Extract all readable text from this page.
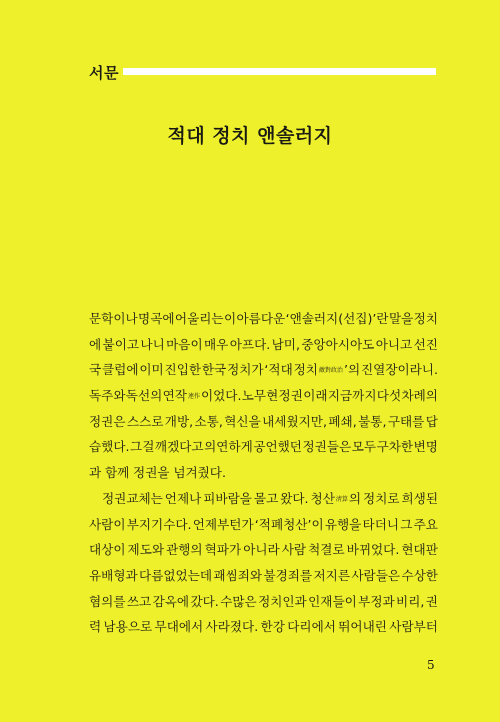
서문
적대 정치 앤솔러지
문학이나 명곡에 어울리는 이 아름다운 ‘앤솔러지(선집)’란 말을 정치
에 붙이고 나니 마음이 매우 아프다. 남미, 중앙아시아도 아니고 선진
국 클럽에 이미 진입한 한국 정치가 ‘적대 정치敵對政治’의 진열장이라니.
독주와 독선의 연작連作이었다. 노무현 정권 이래 지금까지 다섯 차례의
정권은 스스로 개방, 소통, 혁신을 내세웠지만, 폐쇄, 불통, 구태를 답
습했다. 그걸 깨겠다고 의연하게 공언했던 정권들은 모두 구차한 변명
과 함께 정권을 넘겨줬다.
정권교체는 언제나 피바람을 몰고 왔다. 청산淸算의 정치로 희생된
사람이 부지기수다. 언제부턴가 ‘적폐청산’이 유행을 타더니 그 주요
대상이 제도와 관행의 혁파가 아니라 사람 척결로 바뀌었다. 현대판
유배형과 다름없었는데 괘씸죄와 불경죄를 저지른 사람들은 수상한
혐의를 쓰고 감옥에 갔다. 수많은 정치인과 인재들이 부정과 비리, 권
력 남용으로 무대에서 사라졌다. 한강 다리에서 뛰어내린 사람부터
5
